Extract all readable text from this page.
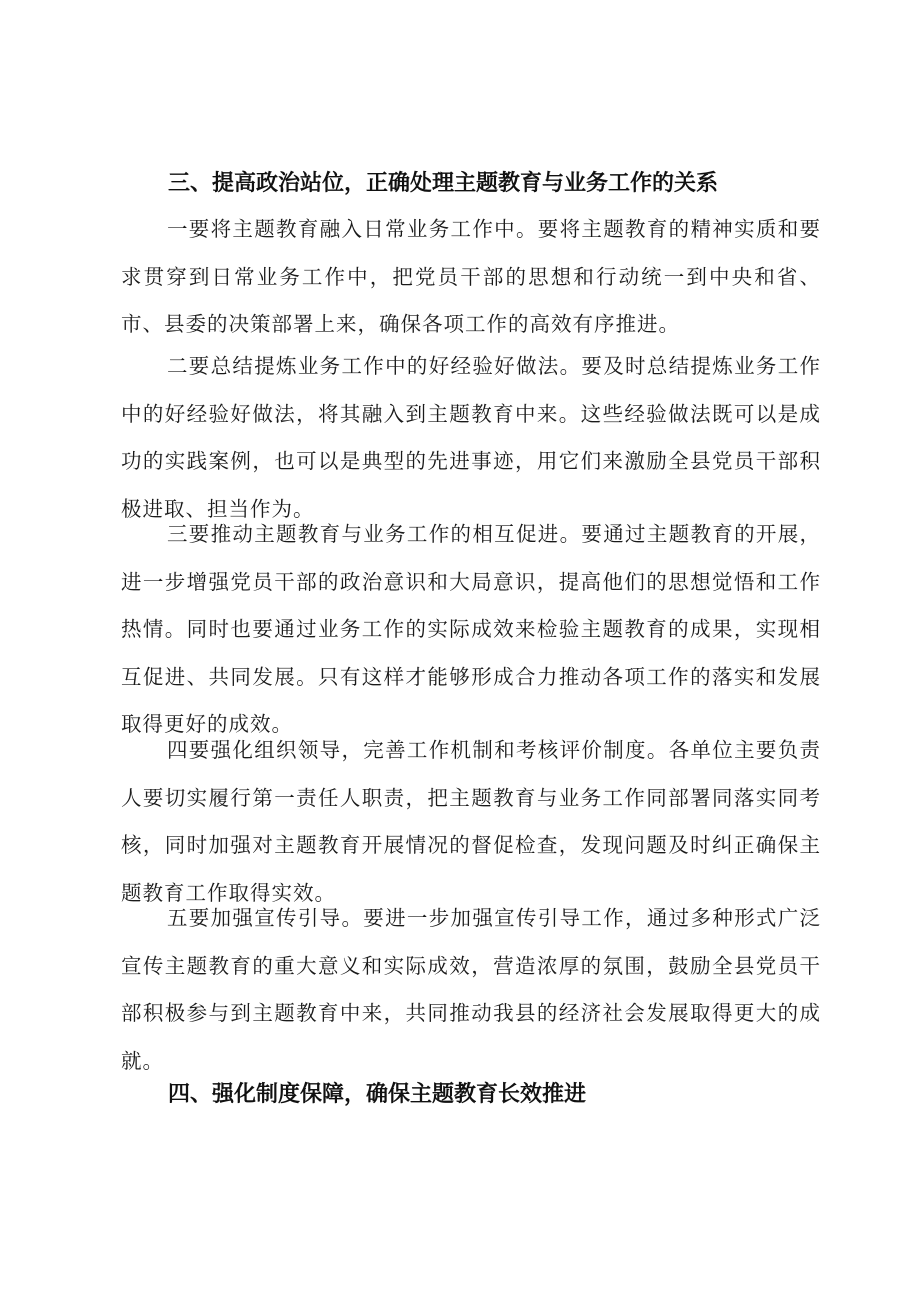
三、提高政治站位，正确处理主题教育与业务工作的关系

一要将主题教育融入日常业务工作中。要将主题教育的精神实质和要求贯穿到日常业务工作中，把党员干部的思想和行动统一到中央和省、市、县委的决策部署上来，确保各项工作的高效有序推进。

二要总结提炼业务工作中的好经验好做法。要及时总结提炼业务工作中的好经验好做法，将其融入到主题教育中来。这些经验做法既可以是成功的实践案例，也可以是典型的先进事迹，用它们来激励全县党员干部积极进取、担当作为。

三要推动主题教育与业务工作的相互促进。要通过主题教育的开展，进一步增强党员干部的政治意识和大局意识，提高他们的思想觉悟和工作热情。同时也要通过业务工作的实际成效来检验主题教育的成果，实现相互促进、共同发展。只有这样才能够形成合力推动各项工作的落实和发展取得更好的成效。

四要强化组织领导，完善工作机制和考核评价制度。各单位主要负责人要切实履行第一责任人职责，把主题教育与业务工作同部署同落实同考核，同时加强对主题教育开展情况的督促检查，发现问题及时纠正确保主题教育工作取得实效。

五要加强宣传引导。要进一步加强宣传引导工作，通过多种形式广泛宣传主题教育的重大意义和实际成效，营造浓厚的氛围，鼓励全县党员干部积极参与到主题教育中来，共同推动我县的经济社会发展取得更大的成就。

四、强化制度保障，确保主题教育长效推进
